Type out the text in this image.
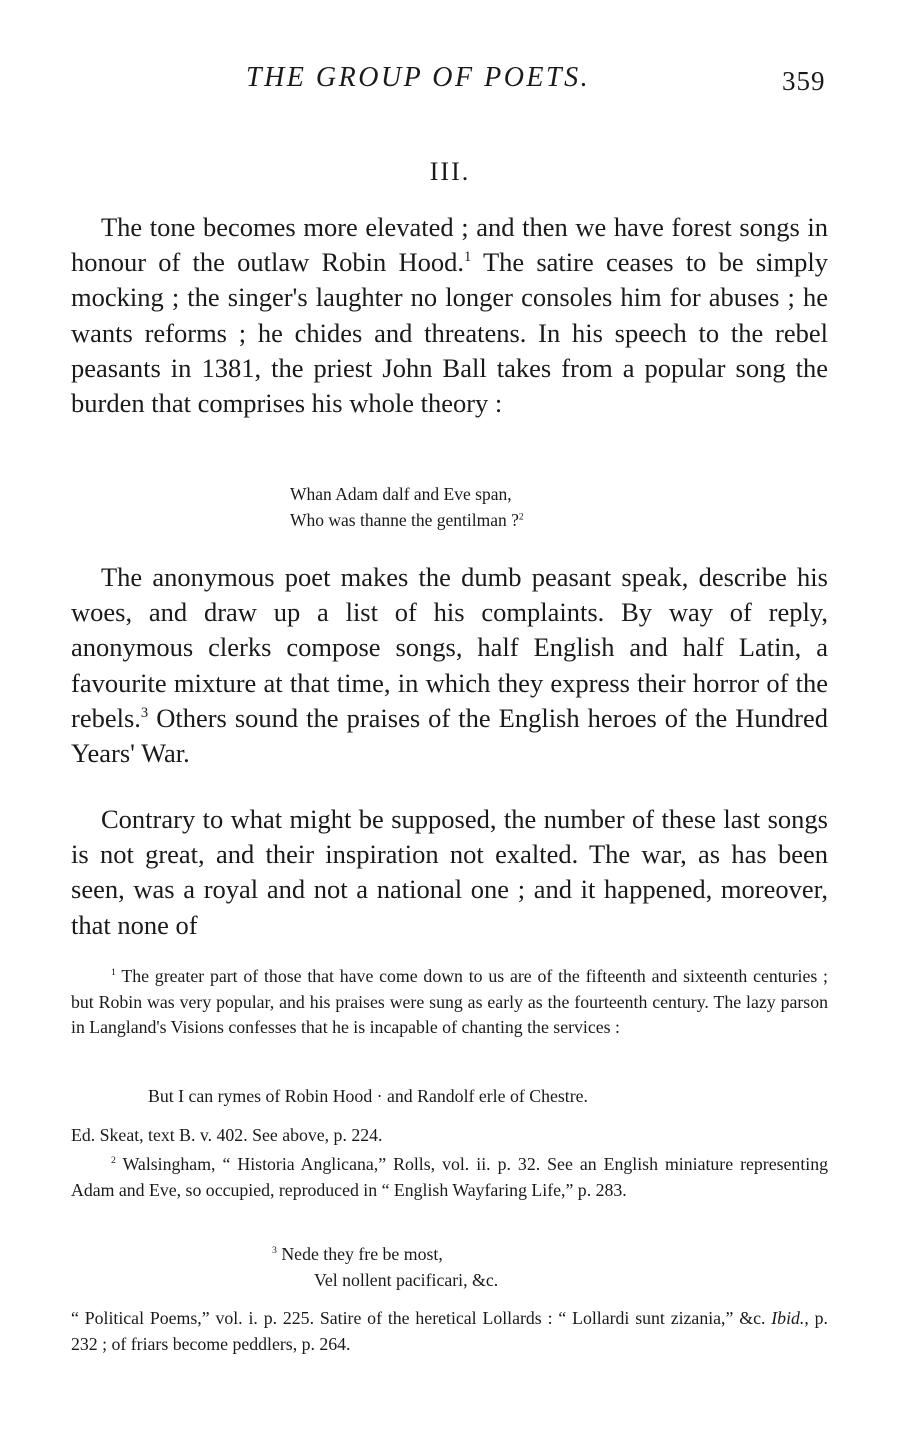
THE GROUP OF POETS.	359
III.

The tone becomes more elevated ; and then we have forest songs in honour of the outlaw Robin Hood.$^1$ The satire ceases to be simply mocking ; the singer's laughter no longer consoles him for abuses ; he wants reforms ; he chides and threatens. In his speech to the rebel peasants in 1381, the priest John Ball takes from a popular song the burden that comprises his whole theory :

Whan Adam dalf and Eve span,
Who was thanne the gentilman ?$^2$

The anonymous poet makes the dumb peasant speak, describe his woes, and draw up a list of his complaints. By way of reply, anonymous clerks compose songs, half English and half Latin, a favourite mixture at that time, in which they express their horror of the rebels.$^3$ Others sound the praises of the English heroes of the Hundred Years' War.

Contrary to what might be supposed, the number of these last songs is not great, and their inspiration not exalted. The war, as has been seen, was a royal and not a national one ; and it happened, moreover, that none of

$^1$ The greater part of those that have come down to us are of the fifteenth and sixteenth centuries ; but Robin was very popular, and his praises were sung as early as the fourteenth century. The lazy parson in Langland's Visions confesses that he is incapable of chanting the services :

But I can rymes of Robin Hood · and Randolf erle of Chestre.

Ed. Skeat, text B. v. 402. See above, p. 224.

$^2$ Walsingham, “ Historia Anglicana,” Rolls, vol. ii. p. 32. See an English miniature representing Adam and Eve, so occupied, reproduced in “ English Wayfaring Life,” p. 283.

$^3$ Nede they fre be most,
Vel nollent pacificari, &c.

“ Political Poems,” vol. i. p. 225. Satire of the heretical Lollards : “ Lollardi sunt zizania,” &c. Ibid., p. 232 ; of friars become peddlers, p. 264.
